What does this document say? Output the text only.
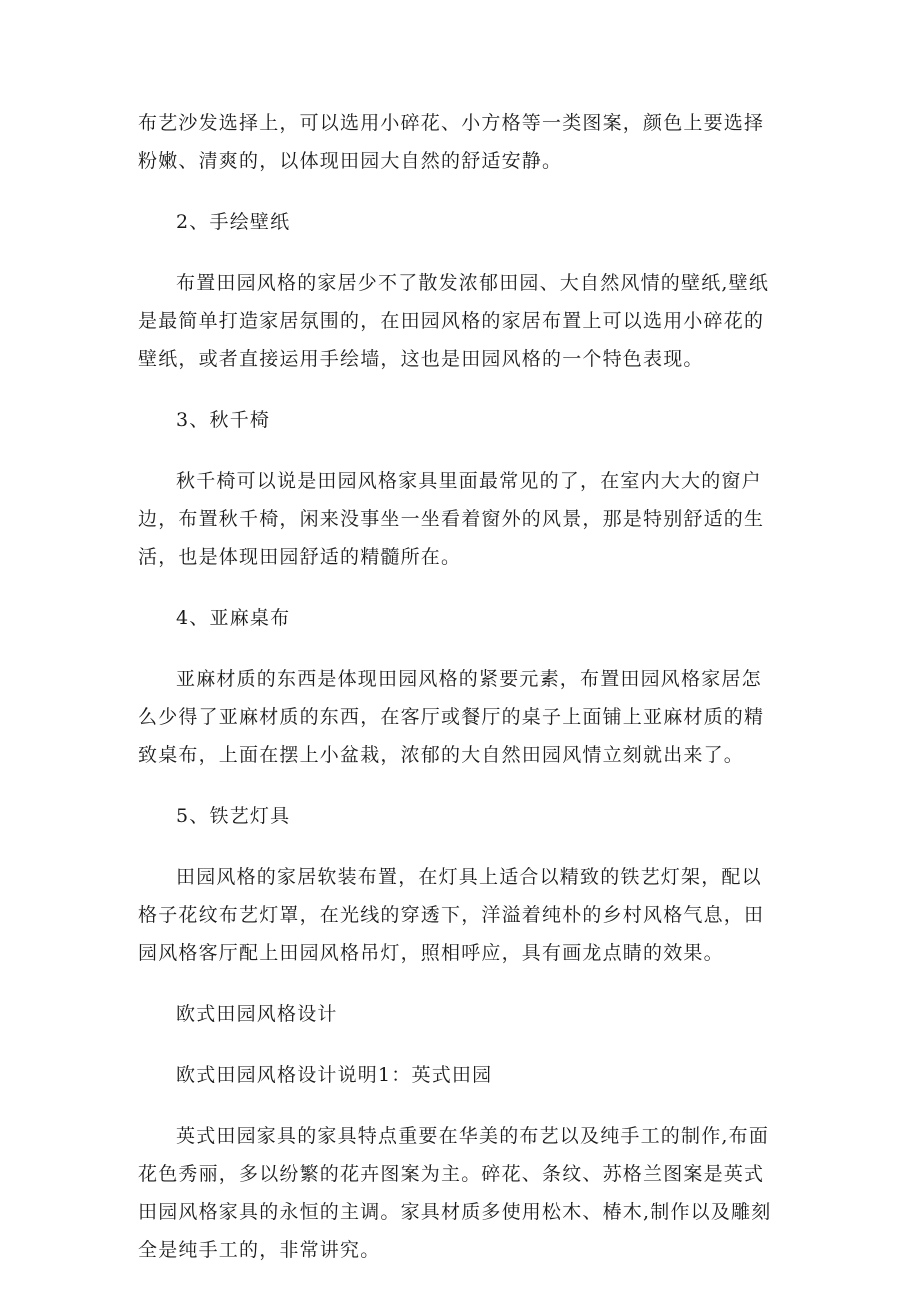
布艺沙发选择上，可以选用小碎花、小方格等一类图案，颜色上要选择粉嫩、清爽的，以体现田园大自然的舒适安静。

2、手绘壁纸

布置田园风格的家居少不了散发浓郁田园、大自然风情的壁纸,壁纸是最简单打造家居氛围的，在田园风格的家居布置上可以选用小碎花的壁纸，或者直接运用手绘墙，这也是田园风格的一个特色表现。

3、秋千椅

秋千椅可以说是田园风格家具里面最常见的了，在室内大大的窗户边，布置秋千椅，闲来没事坐一坐看着窗外的风景，那是特别舒适的生活，也是体现田园舒适的精髓所在。

4、亚麻桌布

亚麻材质的东西是体现田园风格的紧要元素，布置田园风格家居怎么少得了亚麻材质的东西，在客厅或餐厅的桌子上面铺上亚麻材质的精致桌布，上面在摆上小盆栽，浓郁的大自然田园风情立刻就出来了。

5、铁艺灯具

田园风格的家居软装布置，在灯具上适合以精致的铁艺灯架，配以格子花纹布艺灯罩，在光线的穿透下，洋溢着纯朴的乡村风格气息，田园风格客厅配上田园风格吊灯，照相呼应，具有画龙点睛的效果。

欧式田园风格设计

欧式田园风格设计说明1：英式田园

英式田园家具的家具特点重要在华美的布艺以及纯手工的制作,布面花色秀丽，多以纷繁的花卉图案为主。碎花、条纹、苏格兰图案是英式田园风格家具的永恒的主调。家具材质多使用松木、椿木,制作以及雕刻全是纯手工的，非常讲究。
